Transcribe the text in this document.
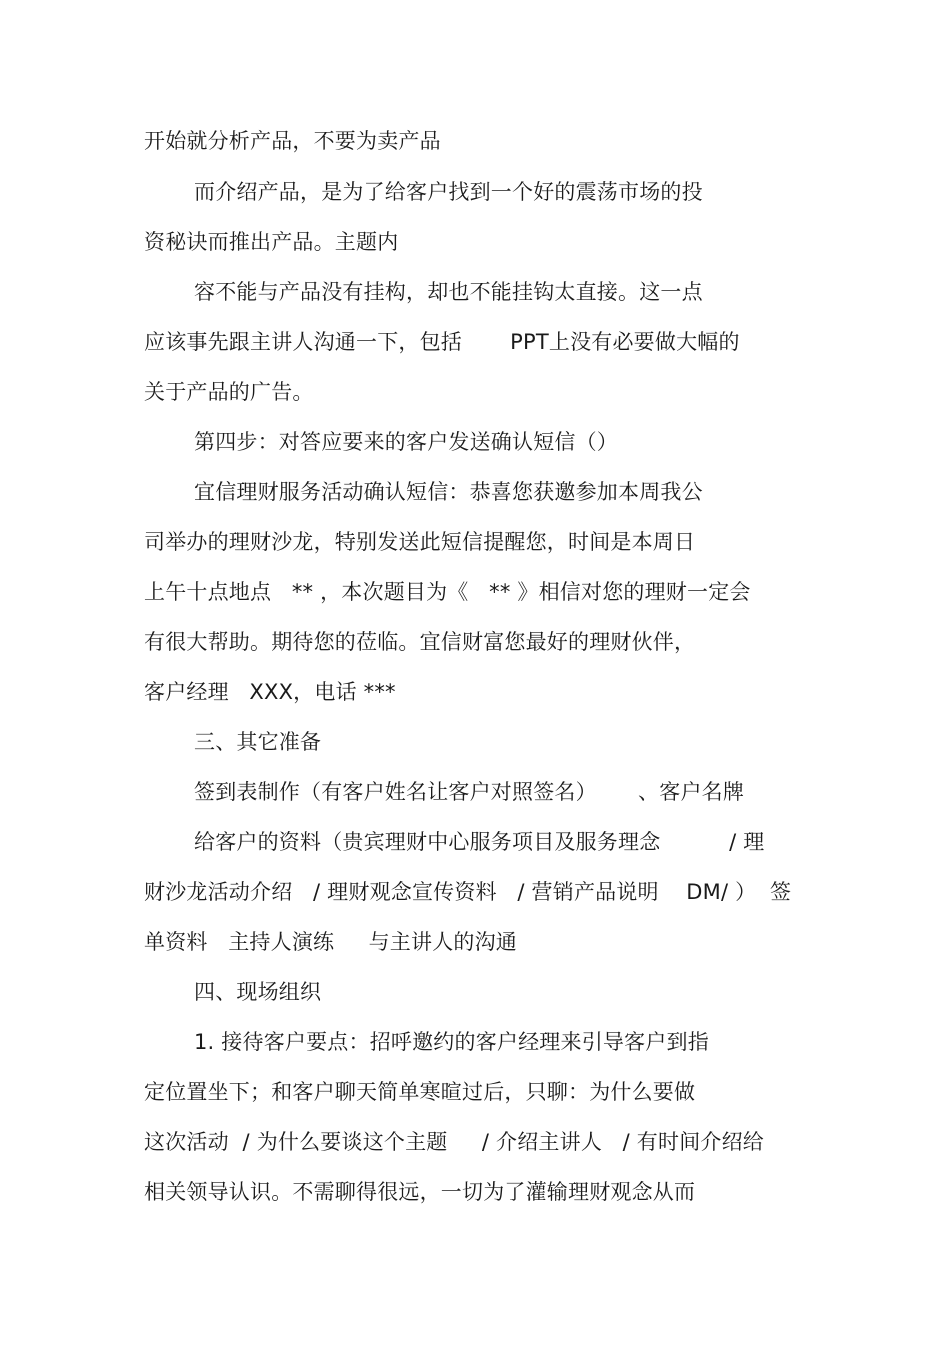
开始就分析产品，不要为卖产品
而介绍产品，是为了给客户找到一个好的震荡市场的投
资秘诀而推出产品。主题内
容不能与产品没有挂构，却也不能挂钩太直接。这一点
应该事先跟主讲人沟通一下，包括       PPT上没有必要做大幅的
关于产品的广告。
第四步：对答应要来的客户发送确认短信（）
宜信理财服务活动确认短信：恭喜您获邀参加本周我公
司举办的理财沙龙，特别发送此短信提醒您，时间是本周日
上午十点地点   ** ，本次题目为《   ** 》相信对您的理财一定会
有很大帮助。期待您的莅临。宜信财富您最好的理财伙伴，
客户经理   XXX，电话 ***
三、其它准备
签到表制作（有客户姓名让客户对照签名）      、客户名牌
给客户的资料（贵宾理财中心服务项目及服务理念          / 理
财沙龙活动介绍   / 理财观念宣传资料   / 营销产品说明    DM/ ）  签
单资料   主持人演练     与主讲人的沟通
四、现场组织
1. 接待客户要点：招呼邀约的客户经理来引导客户到指
定位置坐下；和客户聊天简单寒暄过后，只聊：为什么要做
这次活动  / 为什么要谈这个主题     / 介绍主讲人   / 有时间介绍给
相关领导认识。不需聊得很远，一切为了灌输理财观念从而
